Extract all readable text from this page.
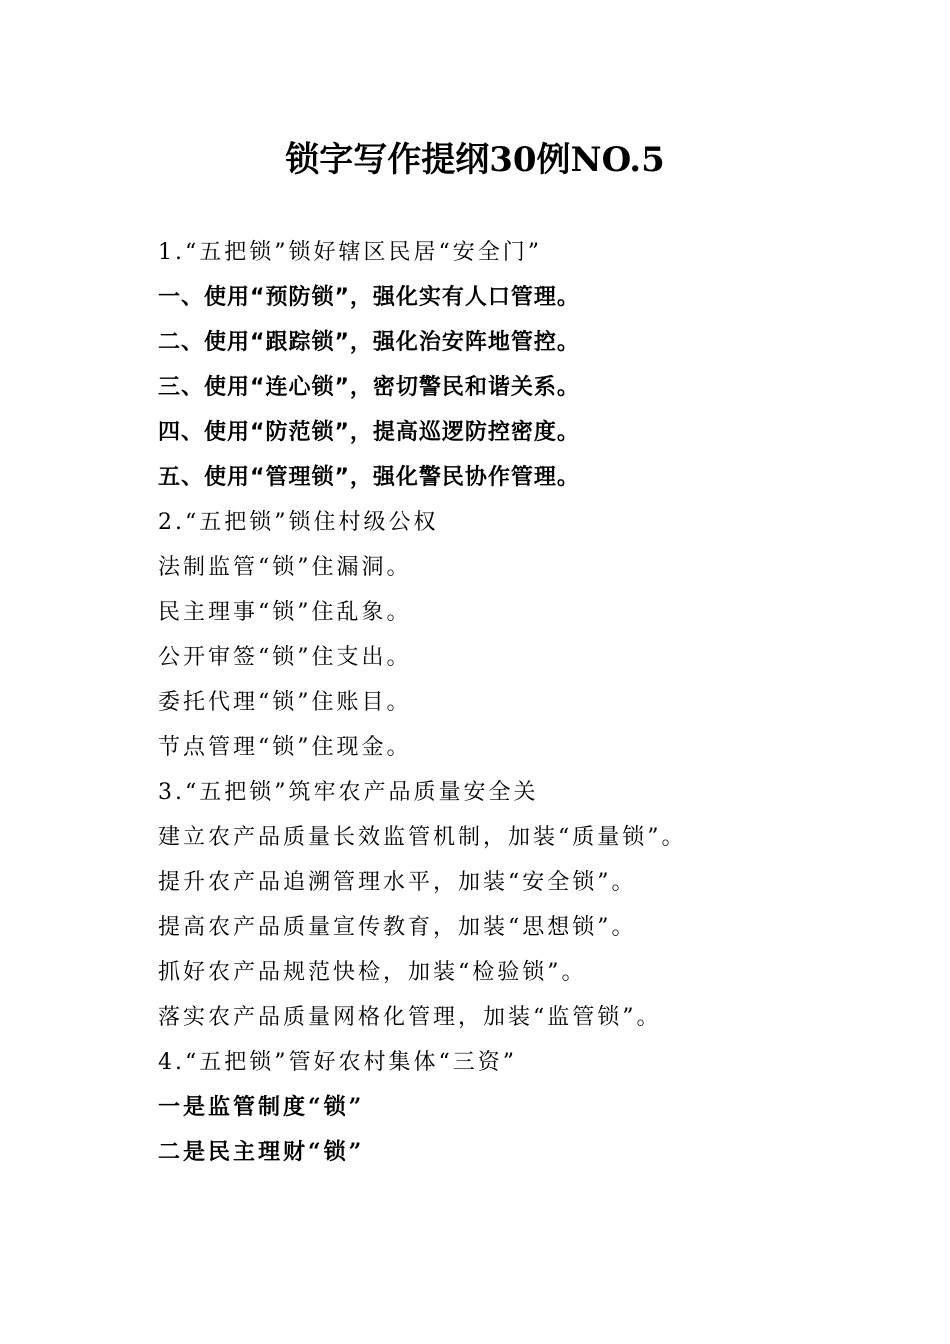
锁字写作提纲30例NO.5
1.“五把锁”锁好辖区民居“安全门”
一、使用“预防锁”，强化实有人口管理。
二、使用“跟踪锁”，强化治安阵地管控。
三、使用“连心锁”，密切警民和谐关系。
四、使用“防范锁”，提高巡逻防控密度。
五、使用“管理锁”，强化警民协作管理。
2.“五把锁”锁住村级公权
法制监管“锁”住漏洞。
民主理事“锁”住乱象。
公开审签“锁”住支出。
委托代理“锁”住账目。
节点管理“锁”住现金。
3.“五把锁”筑牢农产品质量安全关
建立农产品质量长效监管机制，加装“质量锁”。
提升农产品追溯管理水平，加装“安全锁”。
提高农产品质量宣传教育，加装“思想锁”。
抓好农产品规范快检，加装“检验锁”。
落实农产品质量网格化管理，加装“监管锁”。
4.“五把锁”管好农村集体“三资”
一是监管制度“锁”
二是民主理财“锁”
